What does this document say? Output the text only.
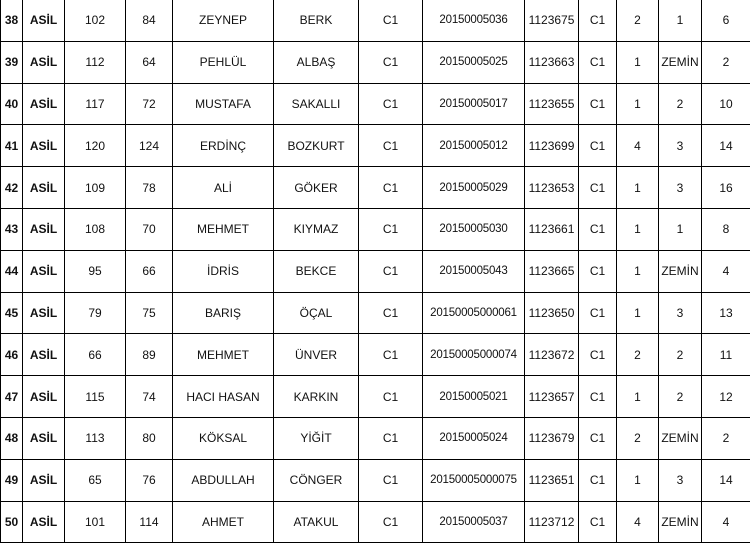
38	ASİL	102	84	ZEYNEP	BERK	C1	20150005036	1123675	C1	2	1	6
39	ASİL	112	64	PEHLÜL	ALBAŞ	C1	20150005025	1123663	C1	1	ZEMİN	2
40	ASİL	117	72	MUSTAFA	SAKALLI	C1	20150005017	1123655	C1	1	2	10
41	ASİL	120	124	ERDİNÇ	BOZKURT	C1	20150005012	1123699	C1	4	3	14
42	ASİL	109	78	ALİ	GÖKER	C1	20150005029	1123653	C1	1	3	16
43	ASİL	108	70	MEHMET	KIYMAZ	C1	20150005030	1123661	C1	1	1	8
44	ASİL	95	66	İDRİS	BEKCE	C1	20150005043	1123665	C1	1	ZEMİN	4
45	ASİL	79	75	BARIŞ	ÖÇAL	C1	20150005000061	1123650	C1	1	3	13
46	ASİL	66	89	MEHMET	ÜNVER	C1	20150005000074	1123672	C1	2	2	11
47	ASİL	115	74	HACI HASAN	KARKIN	C1	20150005021	1123657	C1	1	2	12
48	ASİL	113	80	KÖKSAL	YİĞİT	C1	20150005024	1123679	C1	2	ZEMİN	2
49	ASİL	65	76	ABDULLAH	CÖNGER	C1	20150005000075	1123651	C1	1	3	14
50	ASİL	101	114	AHMET	ATAKUL	C1	20150005037	1123712	C1	4	ZEMİN	4
